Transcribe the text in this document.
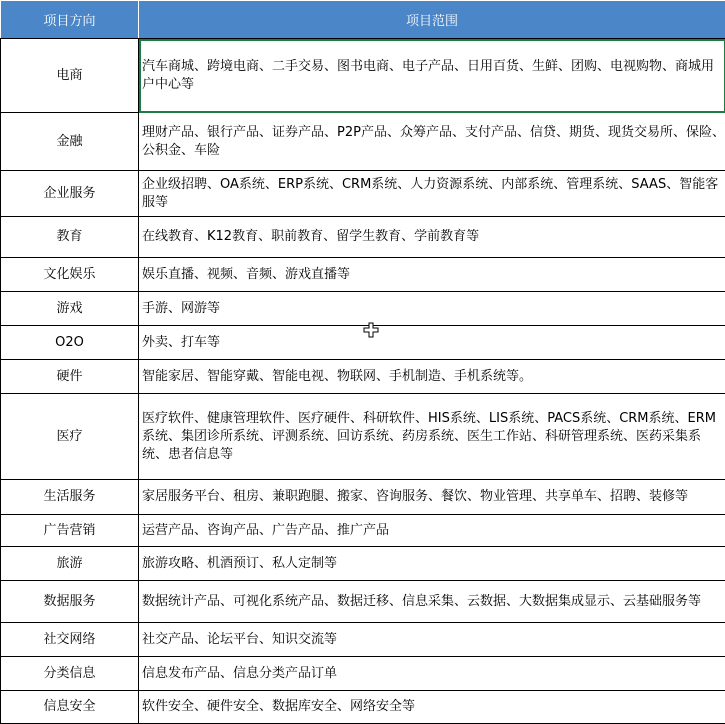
项目方向	项目范围
电商	汽车商城、跨境电商、二手交易、图书电商、电子产品、日用百货、生鲜、团购、电视购物、商城用户中心等
金融	理财产品、银行产品、证券产品、P2P产品、众筹产品、支付产品、信贷、期货、现货交易所、保险、公积金、车险
企业服务	企业级招聘、OA系统、ERP系统、CRM系统、人力资源系统、内部系统、管理系统、SAAS、智能客服等
教育	在线教育、K12教育、职前教育、留学生教育、学前教育等
文化娱乐	娱乐直播、视频、音频、游戏直播等
游戏	手游、网游等
O2O	外卖、打车等
硬件	智能家居、智能穿戴、智能电视、物联网、手机制造、手机系统等。
医疗	医疗软件、健康管理软件、医疗硬件、科研软件、HIS系统、LIS系统、PACS系统、CRM系统、ERM系统、集团诊所系统、评测系统、回访系统、药房系统、医生工作站、科研管理系统、医药采集系统、患者信息等
生活服务	家居服务平台、租房、兼职跑腿、搬家、咨询服务、餐饮、物业管理、共享单车、招聘、装修等
广告营销	运营产品、咨询产品、广告产品、推广产品
旅游	旅游攻略、机酒预订、私人定制等
数据服务	数据统计产品、可视化系统产品、数据迁移、信息采集、云数据、大数据集成显示、云基础服务等
社交网络	社交产品、论坛平台、知识交流等
分类信息	信息发布产品、信息分类产品订单
信息安全	软件安全、硬件安全、数据库安全、网络安全等
